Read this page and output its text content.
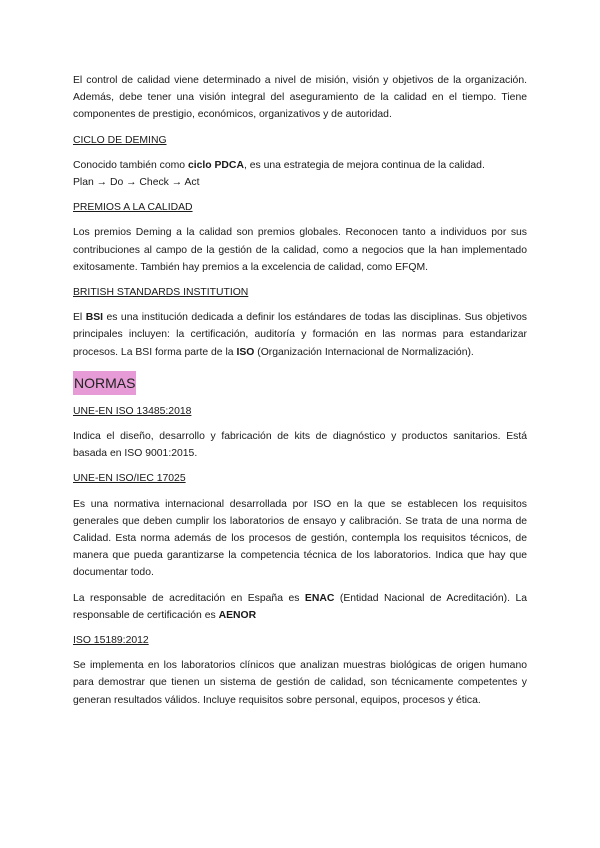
El control de calidad viene determinado a nivel de misión, visión y objetivos de la organización. Además, debe tener una visión integral del aseguramiento de la calidad en el tiempo. Tiene componentes de prestigio, económicos, organizativos y de autoridad.

CICLO DE DEMING

Conocido también como ciclo PDCA, es una estrategia de mejora continua de la calidad.

Plan → Do → Check → Act

PREMIOS A LA CALIDAD

Los premios Deming a la calidad son premios globales. Reconocen tanto a individuos por sus contribuciones al campo de la gestión de la calidad, como a negocios que la han implementado exitosamente. También hay premios a la excelencia de calidad, como EFQM.

BRITISH STANDARDS INSTITUTION

El BSI es una institución dedicada a definir los estándares de todas las disciplinas. Sus objetivos principales incluyen: la certificación, auditoría y formación en las normas para estandarizar procesos. La BSI forma parte de la ISO (Organización Internacional de Normalización).

NORMAS

UNE-EN ISO 13485:2018

Indica el diseño, desarrollo y fabricación de kits de diagnóstico y productos sanitarios. Está basada en ISO 9001:2015.

UNE-EN ISO/IEC 17025

Es una normativa internacional desarrollada por ISO en la que se establecen los requisitos generales que deben cumplir los laboratorios de ensayo y calibración. Se trata de una norma de Calidad. Esta norma además de los procesos de gestión, contempla los requisitos técnicos, de manera que pueda garantizarse la competencia técnica de los laboratorios. Indica que hay que documentar todo.

La responsable de acreditación en España es ENAC (Entidad Nacional de Acreditación). La responsable de certificación es AENOR

ISO 15189:2012

Se implementa en los laboratorios clínicos que analizan muestras biológicas de origen humano para demostrar que tienen un sistema de gestión de calidad, son técnicamente competentes y generan resultados válidos. Incluye requisitos sobre personal, equipos, procesos y ética.
